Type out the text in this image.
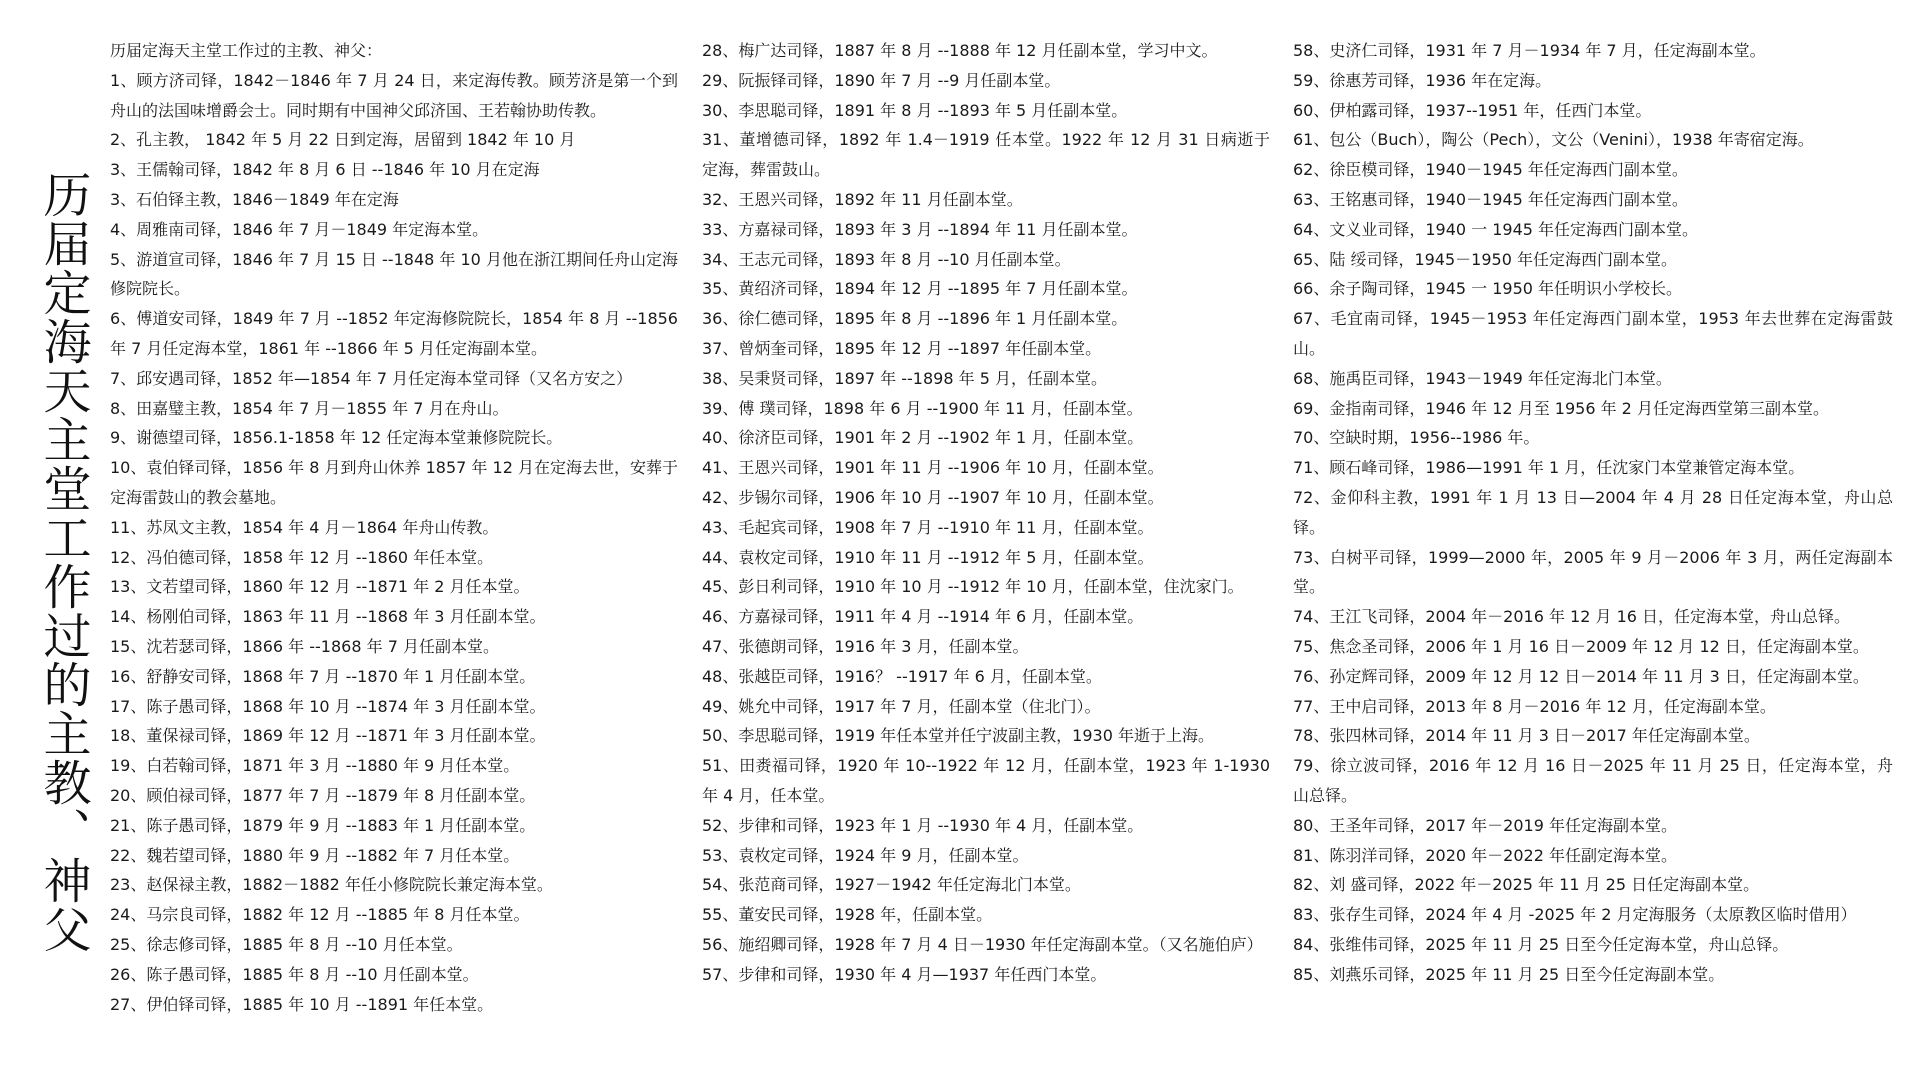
历届定海天主堂工作过的主教、神父

历届定海天主堂工作过的主教、神父：

1、顾方济司铎，1842－1846 年 7 月 24 日，来定海传教。顾芳济是第一个到舟山的法国味增爵会士。同时期有中国神父邱济国、王若翰协助传教。

2、孔主教， 1842 年 5 月 22 日到定海，居留到 1842 年 10 月

3、王儒翰司铎，1842 年 8 月 6 日 --1846 年 10 月在定海

3、石伯铎主教，1846－1849 年在定海

4、周雅南司铎，1846 年 7 月－1849 年定海本堂。

5、游道宣司铎，1846 年 7 月 15 日 --1848 年 10 月他在浙江期间任舟山定海修院院长。

6、傅道安司铎，1849 年 7 月 --1852 年定海修院院长，1854 年 8 月 --1856 年 7 月任定海本堂，1861 年 --1866 年 5 月任定海副本堂。

7、邱安遇司铎，1852 年—1854 年 7 月任定海本堂司铎（又名方安之）

8、田嘉璧主教，1854 年 7 月－1855 年 7 月在舟山。

9、谢德望司铎，1856.1-1858 年 12 任定海本堂兼修院院长。

10、袁伯铎司铎，1856 年 8 月到舟山休养 1857 年 12 月在定海去世，安葬于定海雷鼓山的教会墓地。

11、苏凤文主教，1854 年 4 月－1864 年舟山传教。

12、冯伯德司铎，1858 年 12 月 --1860 年任本堂。

13、文若望司铎，1860 年 12 月 --1871 年 2 月任本堂。

14、杨刚伯司铎，1863 年 11 月 --1868 年 3 月任副本堂。

15、沈若瑟司铎，1866 年 --1868 年 7 月任副本堂。

16、舒静安司铎，1868 年 7 月 --1870 年 1 月任副本堂。

17、陈子愚司铎，1868 年 10 月 --1874 年 3 月任副本堂。

18、董保禄司铎，1869 年 12 月 --1871 年 3 月任副本堂。

19、白若翰司铎，1871 年 3 月 --1880 年 9 月任本堂。

20、顾伯禄司铎，1877 年 7 月 --1879 年 8 月任副本堂。

21、陈子愚司铎，1879 年 9 月 --1883 年 1 月任副本堂。

22、魏若望司铎，1880 年 9 月 --1882 年 7 月任本堂。

23、赵保禄主教，1882－1882 年任小修院院长兼定海本堂。

24、马宗良司铎，1882 年 12 月 --1885 年 8 月任本堂。

25、徐志修司铎，1885 年 8 月 --10 月任本堂。

26、陈子愚司铎，1885 年 8 月 --10 月任副本堂。

27、伊伯铎司铎，1885 年 10 月 --1891 年任本堂。

28、梅广达司铎，1887 年 8 月 --1888 年 12 月任副本堂，学习中文。

29、阮振铎司铎，1890 年 7 月 --9 月任副本堂。

30、李思聪司铎，1891 年 8 月 --1893 年 5 月任副本堂。

31、董增德司铎，1892 年 1.4－1919 任本堂。1922 年 12 月 31 日病逝于定海，葬雷鼓山。

32、王恩兴司铎，1892 年 11 月任副本堂。

33、方嘉禄司铎，1893 年 3 月 --1894 年 11 月任副本堂。

34、王志元司铎，1893 年 8 月 --10 月任副本堂。

35、黄绍济司铎，1894 年 12 月 --1895 年 7 月任副本堂。

36、徐仁德司铎，1895 年 8 月 --1896 年 1 月任副本堂。

37、曾炳奎司铎，1895 年 12 月 --1897 年任副本堂。

38、吴秉贤司铎，1897 年 --1898 年 5 月，任副本堂。

39、傅 璞司铎，1898 年 6 月 --1900 年 11 月，任副本堂。

40、徐济臣司铎，1901 年 2 月 --1902 年 1 月，任副本堂。

41、王恩兴司铎，1901 年 11 月 --1906 年 10 月，任副本堂。

42、步锡尔司铎，1906 年 10 月 --1907 年 10 月，任副本堂。

43、毛起宾司铎，1908 年 7 月 --1910 年 11 月，任副本堂。

44、袁枚定司铎，1910 年 11 月 --1912 年 5 月，任副本堂。

45、彭日利司铎，1910 年 10 月 --1912 年 10 月，任副本堂，住沈家门。

46、方嘉禄司铎，1911 年 4 月 --1914 年 6 月，任副本堂。

47、张德朗司铎，1916 年 3 月，任副本堂。

48、张越臣司铎，1916？ --1917 年 6 月，任副本堂。

49、姚允中司铎，1917 年 7 月，任副本堂（住北门）。

50、李思聪司铎，1919 年任本堂并任宁波副主教，1930 年逝于上海。

51、田赉福司铎，1920 年 10--1922 年 12 月，任副本堂，1923 年 1-1930 年 4 月，任本堂。

52、步律和司铎，1923 年 1 月 --1930 年 4 月，任副本堂。

53、袁枚定司铎，1924 年 9 月，任副本堂。

54、张范商司铎，1927－1942 年任定海北门本堂。

55、董安民司铎，1928 年，任副本堂。

56、施绍卿司铎，1928 年 7 月 4 日－1930 年任定海副本堂。（又名施伯庐）

57、步律和司铎，1930 年 4 月—1937 年任西门本堂。

58、史济仁司铎，1931 年 7 月－1934 年 7 月，任定海副本堂。

59、徐惠芳司铎，1936 年在定海。

60、伊柏露司铎，1937--1951 年，任西门本堂。

61、包公（Buch），陶公（Pech），文公（Venini），1938 年寄宿定海。

62、徐臣模司铎，1940－1945 年任定海西门副本堂。

63、王铭惠司铎，1940－1945 年任定海西门副本堂。

64、文义业司铎，1940 一 1945 年任定海西门副本堂。

65、陆 绥司铎，1945－1950 年任定海西门副本堂。

66、余子陶司铎，1945 一 1950 年任明识小学校长。

67、毛宜南司铎，1945－1953 年任定海西门副本堂，1953 年去世葬在定海雷鼓山。

68、施禹臣司铎，1943－1949 年任定海北门本堂。

69、金指南司铎，1946 年 12 月至 1956 年 2 月任定海西堂第三副本堂。

70、空缺时期，1956--1986 年。

71、顾石峰司铎，1986—1991 年 1 月，任沈家门本堂兼管定海本堂。

72、金仰科主教，1991 年 1 月 13 日—2004 年 4 月 28 日任定海本堂，舟山总铎。

73、白树平司铎，1999—2000 年，2005 年 9 月－2006 年 3 月，两任定海副本堂。

74、王江飞司铎，2004 年－2016 年 12 月 16 日，任定海本堂，舟山总铎。

75、焦念圣司铎，2006 年 1 月 16 日－2009 年 12 月 12 日，任定海副本堂。

76、孙定辉司铎，2009 年 12 月 12 日－2014 年 11 月 3 日，任定海副本堂。

77、王中启司铎，2013 年 8 月－2016 年 12 月，任定海副本堂。

78、张四林司铎，2014 年 11 月 3 日－2017 年任定海副本堂。

79、徐立波司铎，2016 年 12 月 16 日－2025 年 11 月 25 日，任定海本堂，舟山总铎。

80、王圣年司铎，2017 年－2019 年任定海副本堂。

81、陈羽洋司铎，2020 年－2022 年任副定海本堂。

82、刘 盛司铎，2022 年－2025 年 11 月 25 日任定海副本堂。

83、张存生司铎，2024 年 4 月 -2025 年 2 月定海服务（太原教区临时借用）

84、张维伟司铎，2025 年 11 月 25 日至今任定海本堂，舟山总铎。

85、刘燕乐司铎，2025 年 11 月 25 日至今任定海副本堂。
